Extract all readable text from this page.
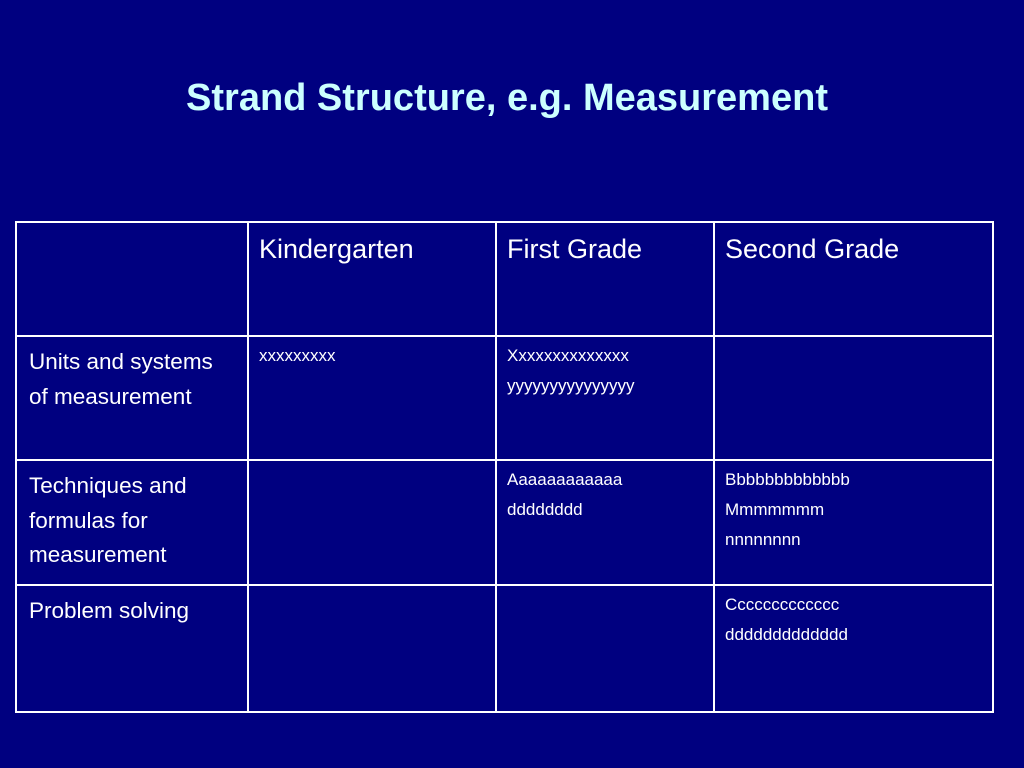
Strand Structure, e.g. Measurement
	Kindergarten	First Grade	Second Grade
Units and systems of measurement	xxxxxxxxx	Xxxxxxxxxxxxxx
yyyyyyyyyyyyyyy	

Techniques and formulas for measurement		Aaaaaaaaaaaa
dddddddd	Bbbbbbbbbbbbb
Mmmmmmm
nnnnnnnn

Problem solving			Ccccccccccccc
ddddddddddddd
